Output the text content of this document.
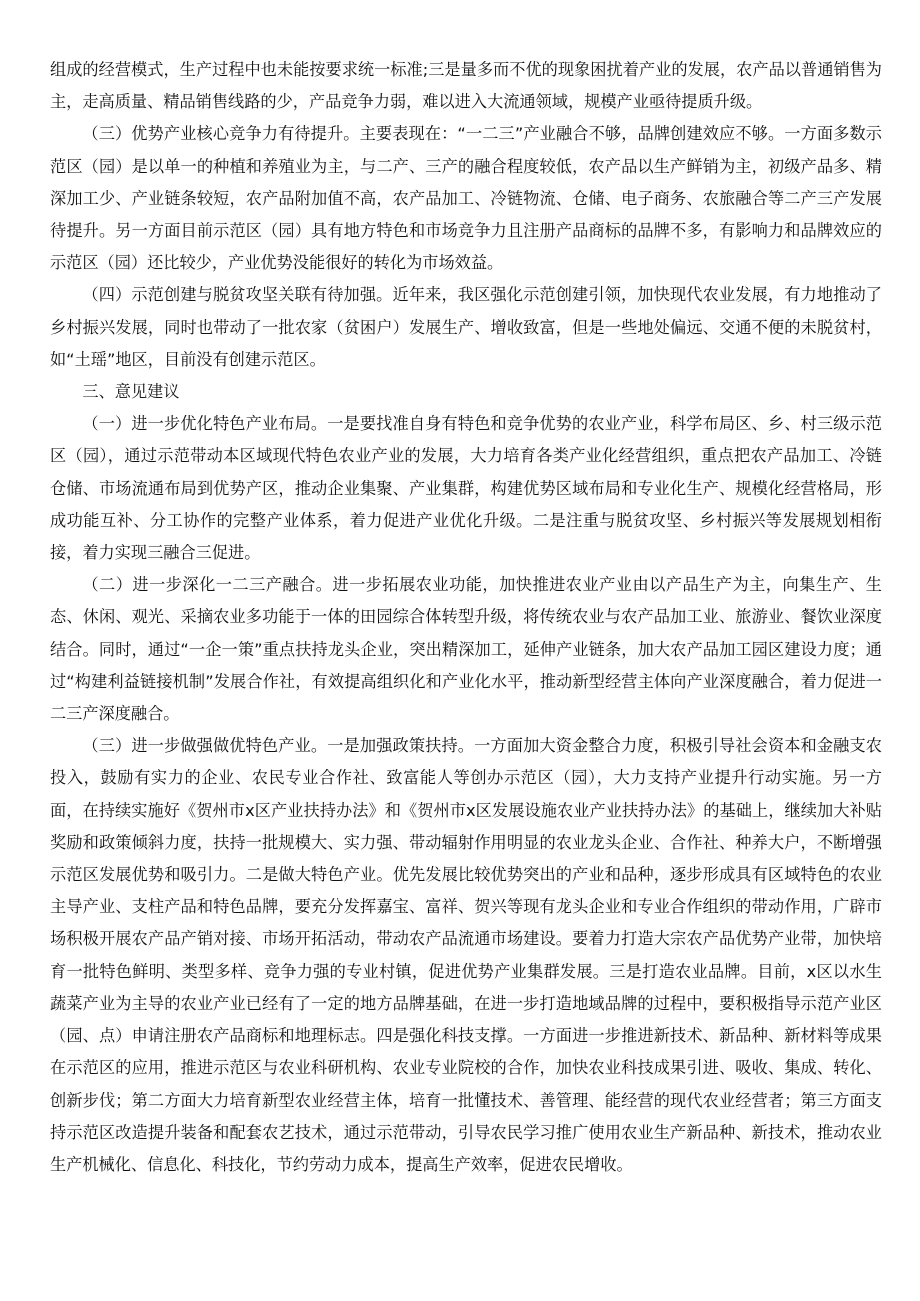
组成的经营模式，生产过程中也未能按要求统一标准;三是量多而不优的现象困扰着产业的发展，农产品以普通销售为主，走高质量、精品销售线路的少，产品竞争力弱，难以进入大流通领域，规模产业亟待提质升级。

（三）优势产业核心竞争力有待提升。主要表现在：“一二三”产业融合不够，品牌创建效应不够。一方面多数示范区（园）是以单一的种植和养殖业为主，与二产、三产的融合程度较低，农产品以生产鲜销为主，初级产品多、精深加工少、产业链条较短，农产品附加值不高，农产品加工、冷链物流、仓储、电子商务、农旅融合等二产三产发展待提升。另一方面目前示范区（园）具有地方特色和市场竞争力且注册产品商标的品牌不多，有影响力和品牌效应的示范区（园）还比较少，产业优势没能很好的转化为市场效益。

（四）示范创建与脱贫攻坚关联有待加强。近年来，我区强化示范创建引领，加快现代农业发展，有力地推动了乡村振兴发展，同时也带动了一批农家（贫困户）发展生产、增收致富，但是一些地处偏远、交通不便的未脱贫村，如“土瑶”地区，目前没有创建示范区。

三、意见建议

（一）进一步优化特色产业布局。一是要找准自身有特色和竞争优势的农业产业，科学布局区、乡、村三级示范区（园），通过示范带动本区域现代特色农业产业的发展，大力培育各类产业化经营组织，重点把农产品加工、冷链仓储、市场流通布局到优势产区，推动企业集聚、产业集群，构建优势区域布局和专业化生产、规模化经营格局，形成功能互补、分工协作的完整产业体系，着力促进产业优化升级。二是注重与脱贫攻坚、乡村振兴等发展规划相衔接，着力实现三融合三促进。

（二）进一步深化一二三产融合。进一步拓展农业功能，加快推进农业产业由以产品生产为主，向集生产、生态、休闲、观光、采摘农业多功能于一体的田园综合体转型升级，将传统农业与农产品加工业、旅游业、餐饮业深度结合。同时，通过“一企一策”重点扶持龙头企业，突出精深加工，延伸产业链条，加大农产品加工园区建设力度；通过“构建利益链接机制”发展合作社，有效提高组织化和产业化水平，推动新型经营主体向产业深度融合，着力促进一二三产深度融合。

（三）进一步做强做优特色产业。一是加强政策扶持。一方面加大资金整合力度，积极引导社会资本和金融支农投入，鼓励有实力的企业、农民专业合作社、致富能人等创办示范区（园），大力支持产业提升行动实施。另一方面，在持续实施好《贺州市x区产业扶持办法》和《贺州市x区发展设施农业产业扶持办法》的基础上，继续加大补贴奖励和政策倾斜力度，扶持一批规模大、实力强、带动辐射作用明显的农业龙头企业、合作社、种养大户，不断增强示范区发展优势和吸引力。二是做大特色产业。优先发展比较优势突出的产业和品种，逐步形成具有区域特色的农业主导产业、支柱产品和特色品牌，要充分发挥嘉宝、富祥、贺兴等现有龙头企业和专业合作组织的带动作用，广辟市场积极开展农产品产销对接、市场开拓活动，带动农产品流通市场建设。要着力打造大宗农产品优势产业带，加快培育一批特色鲜明、类型多样、竞争力强的专业村镇，促进优势产业集群发展。三是打造农业品牌。目前，x区以水生蔬菜产业为主导的农业产业已经有了一定的地方品牌基础，在进一步打造地域品牌的过程中，要积极指导示范产业区（园、点）申请注册农产品商标和地理标志。四是强化科技支撑。一方面进一步推进新技术、新品种、新材料等成果在示范区的应用，推进示范区与农业科研机构、农业专业院校的合作，加快农业科技成果引进、吸收、集成、转化、创新步伐；第二方面大力培育新型农业经营主体，培育一批懂技术、善管理、能经营的现代农业经营者；第三方面支持示范区改造提升装备和配套农艺技术，通过示范带动，引导农民学习推广使用农业生产新品种、新技术，推动农业生产机械化、信息化、科技化，节约劳动力成本，提高生产效率，促进农民增收。
